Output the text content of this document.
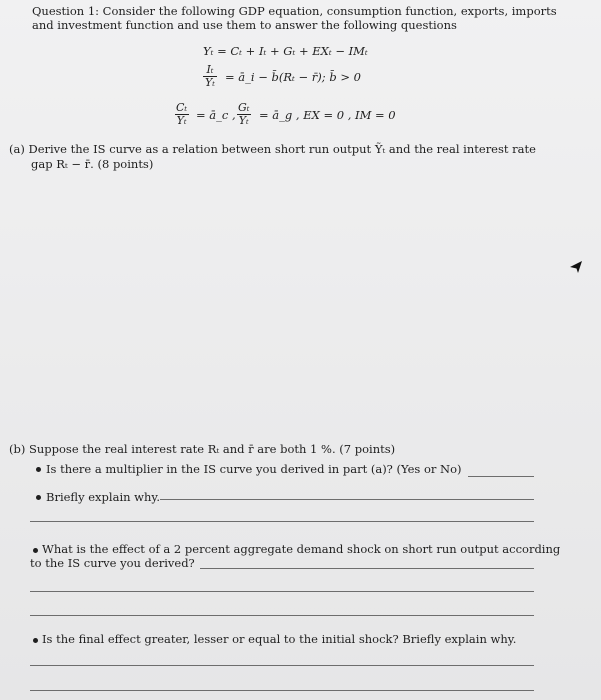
Question 1: Consider the following GDP equation, consumption function, exports, imports
and investment function and use them to answer the following questions
Yₜ = Cₜ + Iₜ + Gₜ + EXₜ − IMₜ
$\frac{\text{Iₜ}}{\text{Ȳₜ}}$ = ā_i − b̄(Rₜ − r̄); b̄ > 0
$\frac{\text{Cₜ}}{\text{Ȳₜ}}$ = ā_c , $\frac{\text{Gₜ}}{\text{Ȳₜ}}$ = ā_g , EX = 0 , IM = 0
(a) Derive the IS curve as a relation between short run output Ỹₜ and the real interest rate
gap Rₜ − r̄. (8 points)
(b) Suppose the real interest rate Rₜ and r̄ are both 1 %. (7 points)
Is there a multiplier in the IS curve you derived in part (a)? (Yes or No)
Briefly explain why.
What is the effect of a 2 percent aggregate demand shock on short run output according
to the IS curve you derived?
Is the final effect greater, lesser or equal to the initial shock? Briefly explain why.
